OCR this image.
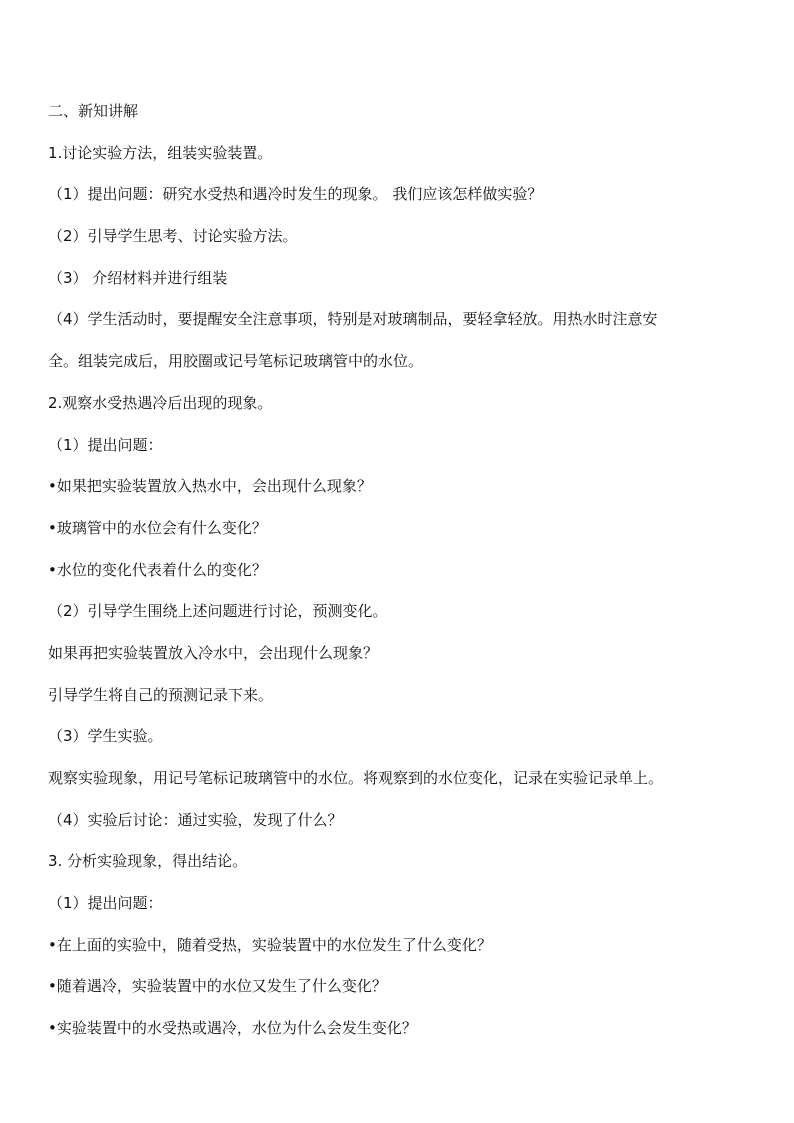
二、新知讲解
1.讨论实验方法，组装实验装置。
（1）提出问题：研究水受热和遇冷时发生的现象。 我们应该怎样做实验？
（2）引导学生思考、讨论实验方法。
（3） 介绍材料并进行组装
（4）学生活动时，要提醒安全注意事项，特别是对玻璃制品，要轻拿轻放。用热水时注意安
全。组装完成后，用胶圈或记号笔标记玻璃管中的水位。
2.观察水受热遇冷后出现的现象。
（1）提出问题：
•如果把实验装置放入热水中，会出现什么现象？
•玻璃管中的水位会有什么变化？
•水位的变化代表着什么的变化？
（2）引导学生围绕上述问题进行讨论，预测变化。
如果再把实验装置放入冷水中，会出现什么现象？
引导学生将自己的预测记录下来。
（3）学生实验。
观察实验现象，用记号笔标记玻璃管中的水位。将观察到的水位变化，记录在实验记录单上。
（4）实验后讨论：通过实验，发现了什么？
3. 分析实验现象，得出结论。
（1）提出问题：
•在上面的实验中，随着受热，实验装置中的水位发生了什么变化？
•随着遇冷，实验装置中的水位又发生了什么变化？
•实验装置中的水受热或遇冷，水位为什么会发生变化？
